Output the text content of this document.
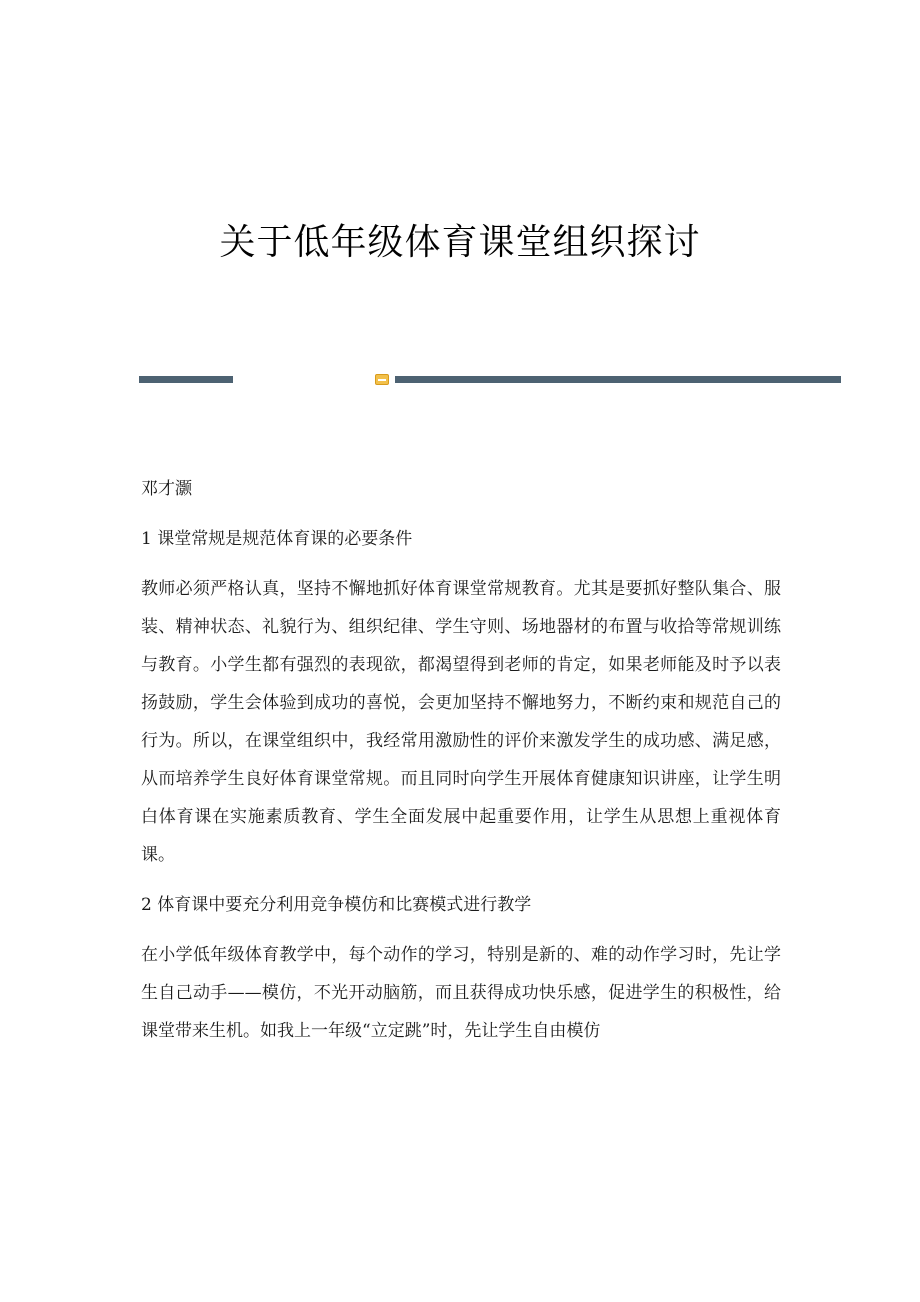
关于低年级体育课堂组织探讨

邓才灏

1 课堂常规是规范体育课的必要条件

教师必须严格认真，坚持不懈地抓好体育课堂常规教育。尤其是要抓好整队集合、服装、精神状态、礼貌行为、组织纪律、学生守则、场地器材的布置与收拾等常规训练与教育。小学生都有强烈的表现欲，都渴望得到老师的肯定，如果老师能及时予以表扬鼓励，学生会体验到成功的喜悦，会更加坚持不懈地努力，不断约束和规范自己的行为。所以，在课堂组织中，我经常用激励性的评价来激发学生的成功感、满足感，从而培养学生良好体育课堂常规。而且同时向学生开展体育健康知识讲座，让学生明白体育课在实施素质教育、学生全面发展中起重要作用，让学生从思想上重视体育课。

2 体育课中要充分利用竞争模仿和比赛模式进行教学

在小学低年级体育教学中，每个动作的学习，特别是新的、难的动作学习时，先让学生自己动手——模仿，不光开动脑筋，而且获得成功快乐感，促进学生的积极性，给课堂带来生机。如我上一年级“立定跳”时，先让学生自由模仿
